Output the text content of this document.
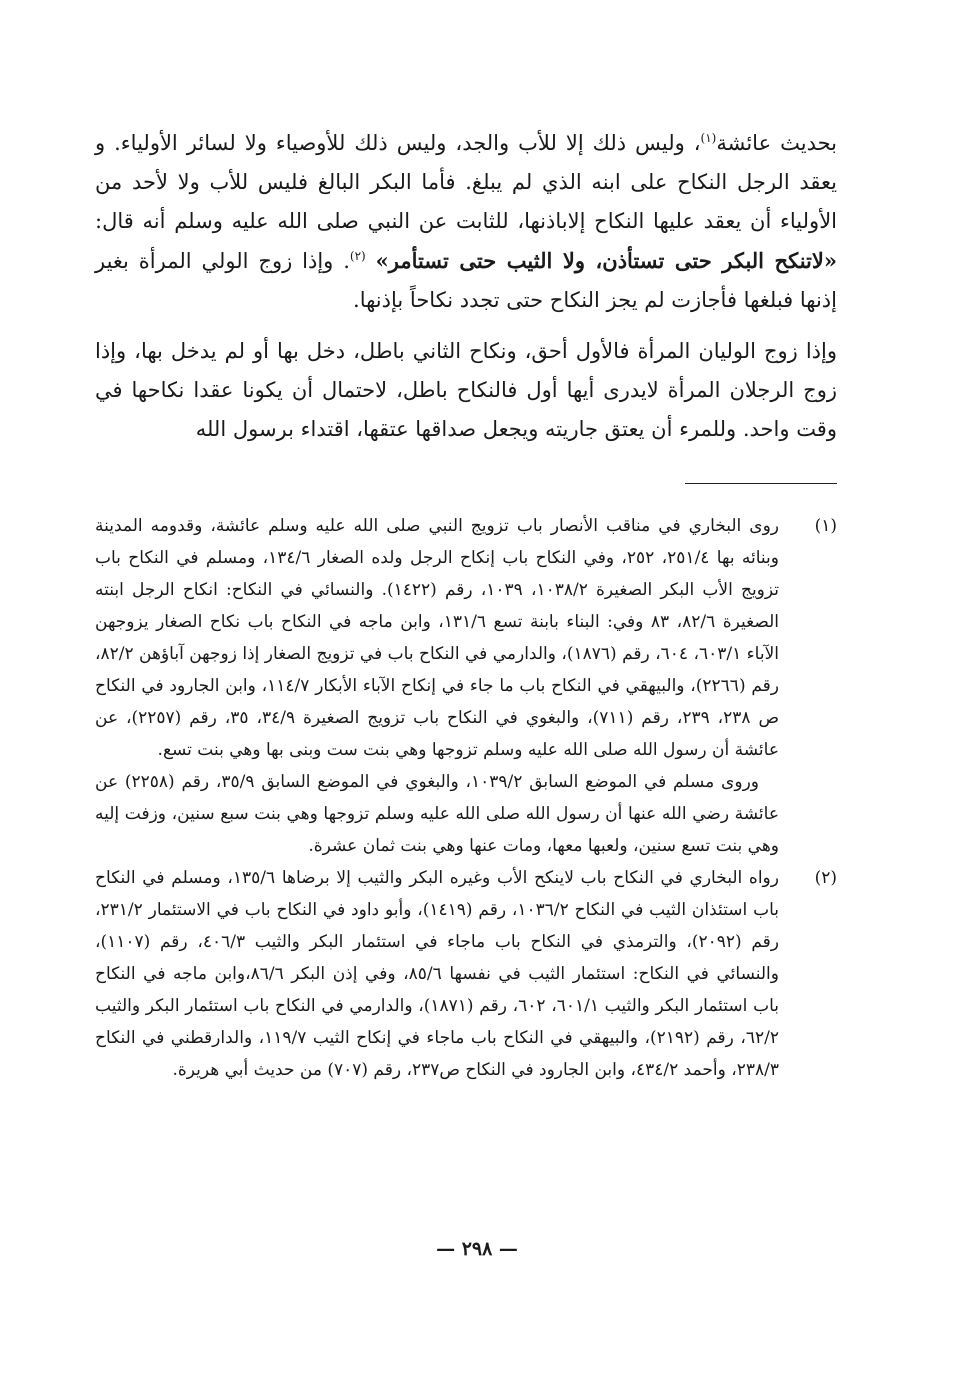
بحديث عائشة$^{(١)}$، وليس ذلك إلا للأب والجد، وليس ذلك للأوصياء ولا لسائر الأولياء. و يعقد الرجل النكاح على ابنه الذي لم يبلغ. فأما البكر البالغ فليس للأب ولا لأحد من الأولياء أن يعقد عليها النكاح إلاباذنها، للثابت عن النبي صلى الله عليه وسلم أنه قال: «لاتنكح البكر حتى تستأذن، ولا الثيب حتى تستأمر» $^{(٢)}$. وإذا زوج الولي المرأة بغير إذنها فبلغها فأجازت لم يجز النكاح حتى تجدد نكاحاً بإذنها.

وإذا زوج الوليان المرأة فالأول أحق، ونكاح الثاني باطل، دخل بها أو لم يدخل بها، وإذا زوج الرجلان المرأة لايدرى أيها أول فالنكاح باطل، لاحتمال أن يكونا عقدا نكاحها في وقت واحد. وللمرء أن يعتق جاريته ويجعل صداقها عتقها، اقتداء برسول الله

(١)

روى البخاري في مناقب الأنصار باب تزويج النبي صلى الله عليه وسلم عائشة، وقدومه المدينة وبنائه بها ٢٥١/٤، ٢٥٢، وفي النكاح باب إنكاح الرجل ولده الصغار ١٣٤/٦، ومسلم في النكاح باب تزويج الأب البكر الصغيرة ١٠٣٨/٢، ١٠٣٩، رقم (١٤٢٢). والنسائي في النكاح: انكاح الرجل ابنته الصغيرة ٨٢/٦، ٨٣ وفي: البناء بابنة تسع ١٣١/٦، وابن ماجه في النكاح باب نكاح الصغار يزوجهن الآباء ٦٠٣/١، ٦٠٤، رقم (١٨٧٦)، والدارمي في النكاح باب في تزويج الصغار إذا زوجهن آباؤهن ٨٢/٢، رقم (٢٢٦٦)، والبيهقي في النكاح باب ما جاء في إنكاح الآباء الأبكار ١١٤/٧، وابن الجارود في النكاح ص ٢٣٨، ٢٣٩، رقم (٧١١)، والبغوي في النكاح باب تزويج الصغيرة ٣٤/٩، ٣٥، رقم (٢٢٥٧)، عن عائشة أن رسول الله صلى الله عليه وسلم تزوجها وهي بنت ست وبنى بها وهي بنت تسع.

وروى مسلم في الموضع السابق ١٠٣٩/٢، والبغوي في الموضع السابق ٣٥/٩، رقم (٢٢٥٨) عن عائشة رضي الله عنها أن رسول الله صلى الله عليه وسلم تزوجها وهي بنت سبع سنين، وزفت إليه وهي بنت تسع سنين، ولعبها معها، ومات عنها وهي بنت ثمان عشرة.

(٢)

رواه البخاري في النكاح باب لاينكح الأب وغيره البكر والثيب إلا برضاها ١٣٥/٦، ومسلم في النكاح باب استئذان الثيب في النكاح ١٠٣٦/٢، رقم (١٤١٩)، وأبو داود في النكاح باب في الاستئمار ٢٣١/٢، رقم (٢٠٩٢)، والترمذي في النكاح باب ماجاء في استئمار البكر والثيب ٤٠٦/٣، رقم (١١٠٧)، والنسائي في النكاح: استئمار الثيب في نفسها ٨٥/٦، وفي إذن البكر ٨٦/٦،وابن ماجه في النكاح باب استئمار البكر والثيب ٦٠١/١، ٦٠٢، رقم (١٨٧١)، والدارمي في النكاح باب استئمار البكر والثيب ٦٢/٢، رقم (٢١٩٢)، والبيهقي في النكاح باب ماجاء في إنكاح الثيب ١١٩/٧، والدارقطني في النكاح ٢٣٨/٣، وأحمد ٤٣٤/٢، وابن الجارود في النكاح ص٢٣٧، رقم (٧٠٧) من حديث أبي هريرة.

— ٢٩٨ —
